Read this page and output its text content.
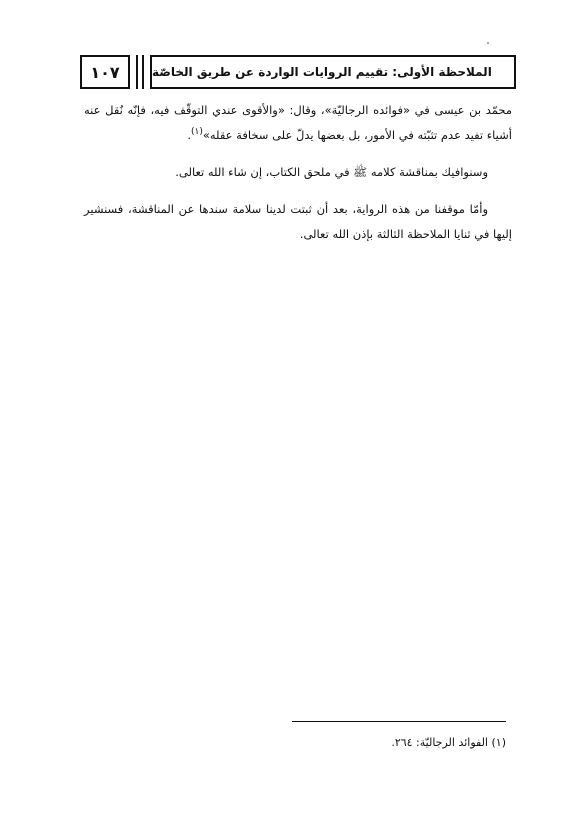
١٠٧	الملاحظة الأولى: تقييم الروايات الواردة عن طريق الخاصّة

محمّد بن عيسى في «فوائده الرجاليّة»، وقال: «والأقوى عندي التوقّف فيه، فإنّه نُقل عنه أشياء تفيد عدم تثبّته في الأمور، بل بعضها يدلّ على سخافة عقله»$^{(١)}$.

وسنوافيك بمناقشة كلامه ﷺ في ملحق الكتاب، إن شاء الله تعالى.

وأمّا موقفنا من هذه الرواية، بعد أن ثبتت لدينا سلامة سندها عن المناقشة، فسنشير إليها في ثنايا الملاحظة الثالثة بإذن الله تعالى.

(١) الفوائد الرجاليّة: ٢٦٤.
